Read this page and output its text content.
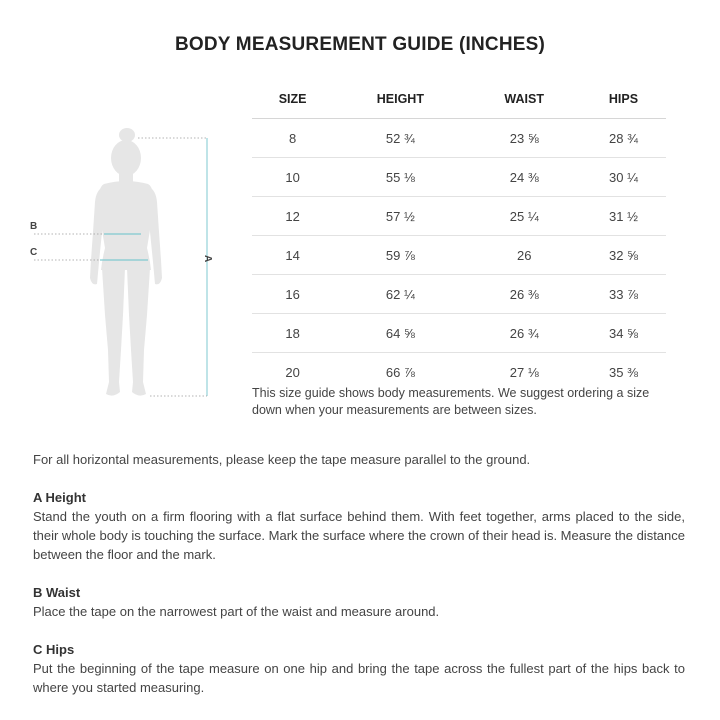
BODY MEASUREMENT GUIDE (INCHES)
B
C
A
SIZE	HEIGHT	WAIST	HIPS
8	52 ¾	23 ⅝	28 ¾
10	55 ⅛	24 ⅜	30 ¼
12	57 ½	25 ¼	31 ½
14	59 ⅞	26	32 ⅝
16	62 ¼	26 ⅜	33 ⅞
18	64 ⅝	26 ¾	34 ⅝
20	66 ⅞	27 ⅛	35 ⅜
This size guide shows body measurements. We suggest ordering a size down when your measurements are between sizes.

For all horizontal measurements, please keep the tape measure parallel to the ground.

A Height

Stand the youth on a firm flooring with a flat surface behind them. With feet together, arms placed to the side, their whole body is touching the surface. Mark the surface where the crown of their head is. Measure the distance between the floor and the mark.

B Waist

Place the tape on the narrowest part of the waist and measure around.

C Hips

Put the beginning of the tape measure on one hip and bring the tape across the fullest part of the hips back to where you started measuring.
